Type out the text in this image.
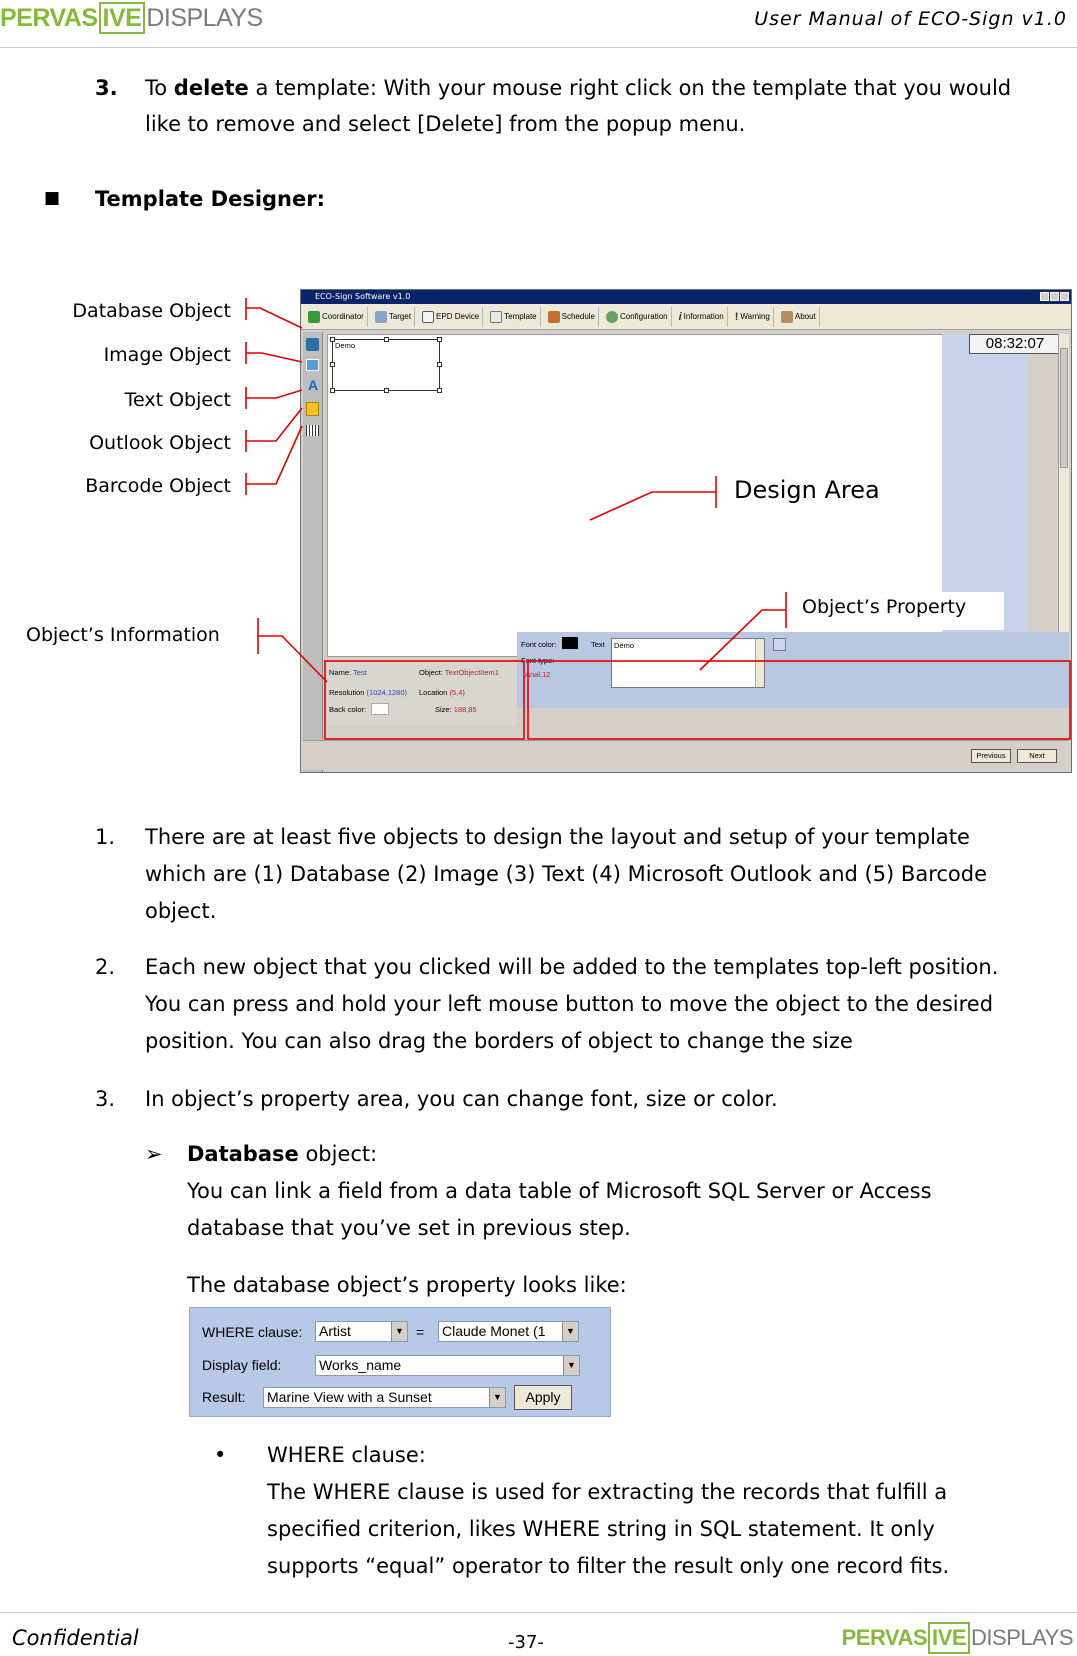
PERVAS IVE DISPLAYS	User Manual of ECO-Sign v1.0
3. To delete a template: With your mouse right click on the template that you would
like to remove and select [Delete] from the popup menu.
■ Template Designer:
ECO-Sign Software v1.0
Coordinator	Target	EPD Device	Template	Schedule	Configuration i Information ! Warning	About
A
Demo	08:32:07
Name: Test	Object: TextObjectItem1
Resolution (1024,1280) Location (5,4)
Back color:	Size: 188,85
Font color:
Font type:
Arial,12
Text Demo
Previous	Next
Database Object
Image Object
Text Object
Outlook Object
Barcode Object
Object’s Information
Design Area
Object’s Property
1. There are at least five objects to design the layout and setup of your template
which are (1) Database (2) Image (3) Text (4) Microsoft Outlook and (5) Barcode
object.
2. Each new object that you clicked will be added to the templates top-left position.
You can press and hold your left mouse button to move the object to the desired
position. You can also drag the borders of object to change the size
3. In object’s property area, you can change font, size or color.
➢ Database object:
You can link a field from a data table of Microsoft SQL Server or Access
database that you’ve set in previous step.
The database object’s property looks like:
WHERE clause: Artist	▼ = Claude Monet (1	▼
Display field:	Works_name	▼
Result: Marine View with a Sunset	▼	Apply
• WHERE clause:
The WHERE clause is used for extracting the records that fulfill a
specified criterion, likes WHERE string in SQL statement. It only
supports “equal” operator to filter the result only one record fits.
Confidential	-37-	PERVAS IVE DISPLAYS
